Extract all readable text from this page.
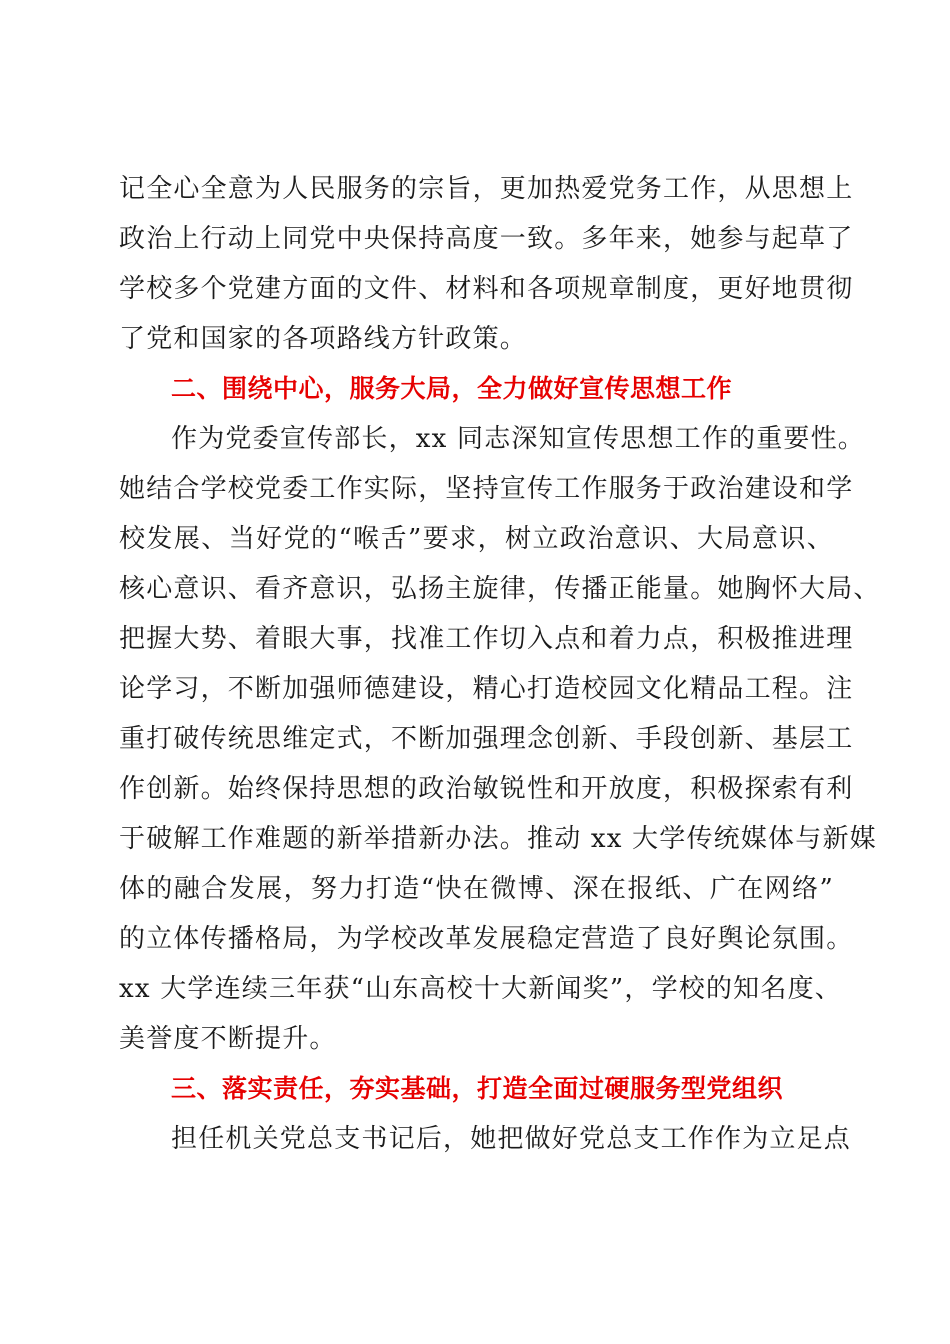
记全心全意为人民服务的宗旨，更加热爱党务工作，从思想上
政治上行动上同党中央保持高度一致。多年来，她参与起草了
学校多个党建方面的文件、材料和各项规章制度，更好地贯彻
了党和国家的各项路线方针政策。
二、围绕中心，服务大局，全力做好宣传思想工作
作为党委宣传部长，xx 同志深知宣传思想工作的重要性。
她结合学校党委工作实际，坚持宣传工作服务于政治建设和学
校发展、当好党的“喉舌”要求，树立政治意识、大局意识、
核心意识、看齐意识，弘扬主旋律，传播正能量。她胸怀大局、
把握大势、着眼大事，找准工作切入点和着力点，积极推进理
论学习，不断加强师德建设，精心打造校园文化精品工程。注
重打破传统思维定式，不断加强理念创新、手段创新、基层工
作创新。始终保持思想的政治敏锐性和开放度，积极探索有利
于破解工作难题的新举措新办法。推动 xx 大学传统媒体与新媒
体的融合发展，努力打造“快在微博、深在报纸、广在网络”
的立体传播格局，为学校改革发展稳定营造了良好舆论氛围。
xx 大学连续三年获“山东高校十大新闻奖”，学校的知名度、
美誉度不断提升。
三、落实责任，夯实基础，打造全面过硬服务型党组织
担任机关党总支书记后，她把做好党总支工作作为立足点
